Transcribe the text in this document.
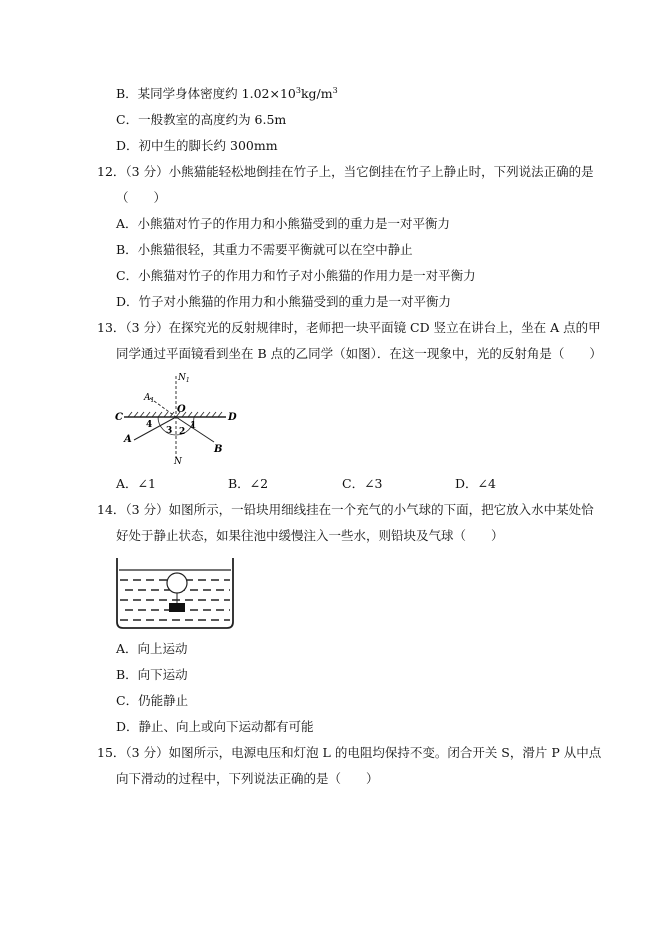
B．某同学身体密度约 $1.02\times 10^3kg/m^3$
C．一般教室的高度约为 6.5m
D．初中生的脚长约 300mm
12．（3 分）小熊猫能轻松地倒挂在竹子上，当它倒挂在竹子上静止时，下列说法正确的是
（　　）
A．小熊猫对竹子的作用力和小熊猫受到的重力是一对平衡力
B．小熊猫很轻，其重力不需要平衡就可以在空中静止
C．小熊猫对竹子的作用力和竹子对小熊猫的作用力是一对平衡力
D．竹子对小熊猫的作用力和小熊猫受到的重力是一对平衡力
13．（3 分）在探究光的反射规律时，老师把一块平面镜 CD 竖立在讲台上，坐在 A 点的甲
同学通过平面镜看到坐在 B 点的乙同学（如图）．在这一现象中，光的反射角是（　　）
$A_1$
$N_1$
O
C	D
A
B
N
1
2
3
4
A．∠1	B．∠2	C．∠3	D．∠4
14．（3 分）如图所示，一铅块用细线挂在一个充气的小气球的下面，把它放入水中某处恰
好处于静止状态，如果往池中缓慢注入一些水，则铅块及气球（　　）
A．向上运动
B．向下运动
C．仍能静止
D．静止、向上或向下运动都有可能
15．（3 分）如图所示，电源电压和灯泡 L 的电阻均保持不变。闭合开关 S，滑片 P 从中点
向下滑动的过程中，下列说法正确的是（　　）
